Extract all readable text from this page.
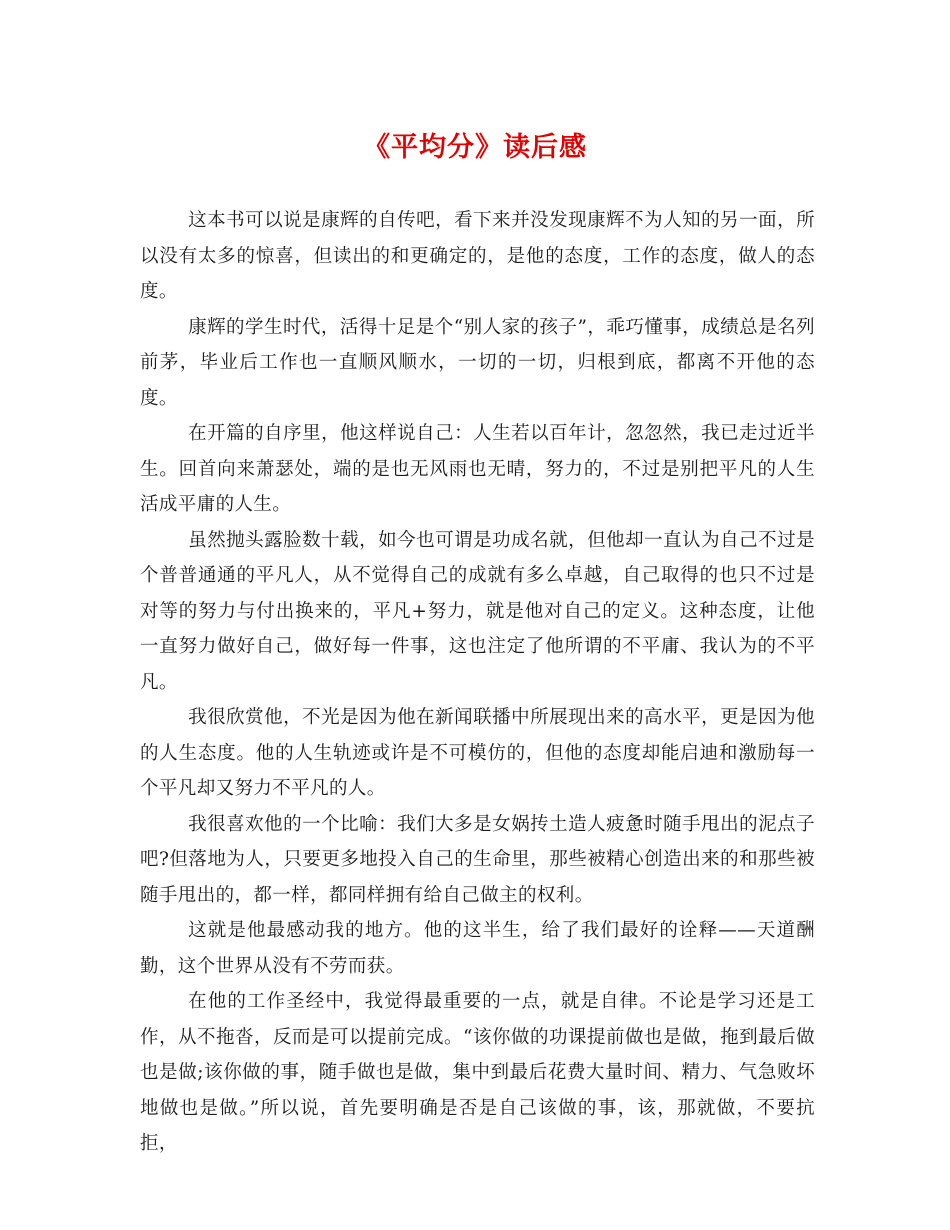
《平均分》读后感

这本书可以说是康辉的自传吧，看下来并没发现康辉不为人知的另一面，所以没有太多的惊喜，但读出的和更确定的，是他的态度，工作的态度，做人的态度。

康辉的学生时代，活得十足是个“别人家的孩子”，乖巧懂事，成绩总是名列前茅，毕业后工作也一直顺风顺水，一切的一切，归根到底，都离不开他的态度。

在开篇的自序里，他这样说自己：人生若以百年计，忽忽然，我已走过近半生。回首向来萧瑟处，端的是也无风雨也无晴，努力的，不过是别把平凡的人生活成平庸的人生。

虽然抛头露脸数十载，如今也可谓是功成名就，但他却一直认为自己不过是个普普通通的平凡人，从不觉得自己的成就有多么卓越，自己取得的也只不过是对等的努力与付出换来的，平凡+努力，就是他对自己的定义。这种态度，让他一直努力做好自己，做好每一件事，这也注定了他所谓的不平庸、我认为的不平凡。

我很欣赏他，不光是因为他在新闻联播中所展现出来的高水平，更是因为他的人生态度。他的人生轨迹或许是不可模仿的，但他的态度却能启迪和激励每一个平凡却又努力不平凡的人。

我很喜欢他的一个比喻：我们大多是女娲抟土造人疲惫时随手甩出的泥点子吧?但落地为人，只要更多地投入自己的生命里，那些被精心创造出来的和那些被随手甩出的，都一样，都同样拥有给自己做主的权利。

这就是他最感动我的地方。他的这半生，给了我们最好的诠释——天道酬勤，这个世界从没有不劳而获。

在他的工作圣经中，我觉得最重要的一点，就是自律。不论是学习还是工作，从不拖沓，反而是可以提前完成。“该你做的功课提前做也是做，拖到最后做也是做;该你做的事，随手做也是做，集中到最后花费大量时间、精力、气急败坏地做也是做。”所以说，首先要明确是否是自己该做的事，该，那就做，不要抗拒，
